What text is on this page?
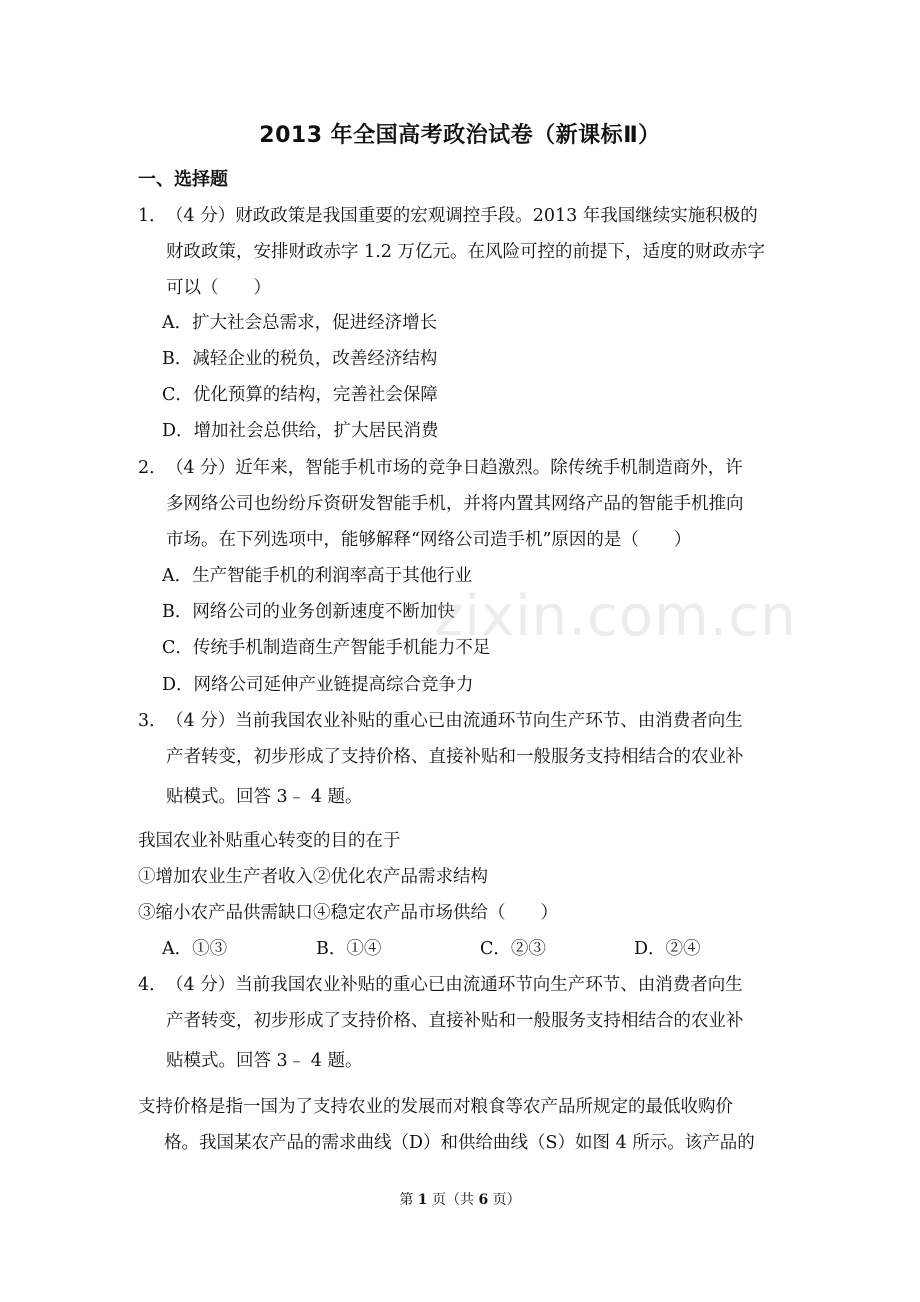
2013 年全国高考政治试卷（新课标Ⅱ）
一、选择题
1． （4 分）财政政策是我国重要的宏观调控手段。2013 年我国继续实施积极的
财政政策，安排财政赤字 1.2 万亿元。在风险可控的前提下，适度的财政赤字
可以（　　）
A．扩大社会总需求，促进经济增长
B．减轻企业的税负，改善经济结构
C．优化预算的结构，完善社会保障
D．增加社会总供给，扩大居民消费
2． （4 分）近年来，智能手机市场的竞争日趋激烈。除传统手机制造商外，许
多网络公司也纷纷斥资研发智能手机，并将内置其网络产品的智能手机推向
市场。在下列选项中，能够解释“网络公司造手机”原因的是（　　）
A．生产智能手机的利润率高于其他行业
B．网络公司的业务创新速度不断加快
C．传统手机制造商生产智能手机能力不足
D．网络公司延伸产业链提高综合竞争力
3． （4 分）当前我国农业补贴的重心已由流通环节向生产环节、由消费者向生
产者转变，初步形成了支持价格、直接补贴和一般服务支持相结合的农业补
贴模式。回答 3﹣ 4 题。
我国农业补贴重心转变的目的在于
①增加农业生产者收入②优化农产品需求结构
③缩小农产品供需缺口④稳定农产品市场供给（　　）
A．①③	B．①④	C．②③	D．②④
4． （4 分）当前我国农业补贴的重心已由流通环节向生产环节、由消费者向生
产者转变，初步形成了支持价格、直接补贴和一般服务支持相结合的农业补
贴模式。回答 3﹣ 4 题。
支持价格是指一国为了支持农业的发展而对粮食等农产品所规定的最低收购价
格。我国某农产品的需求曲线（D）和供给曲线（S）如图 4 所示。该产品的
zixin.com.cn
第 1 页（共 6 页）
